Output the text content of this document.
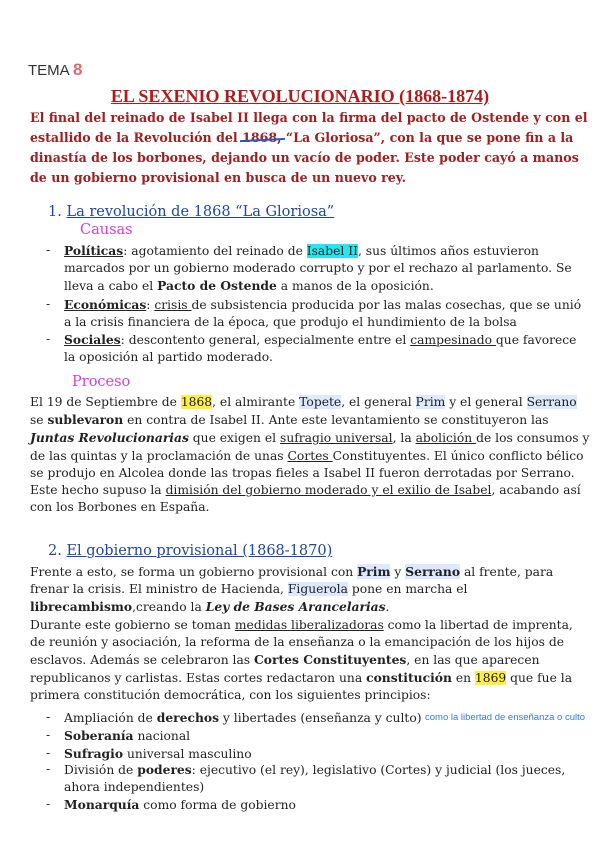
TEMA 8
EL SEXENIO REVOLUCIONARIO (1868-1874)
El final del reinado de Isabel II llega con la firma del pacto de Ostende y con el estallido de la Revolución del 1868, “La Gloriosa”, con la que se pone fin a la dinastía de los borbones, dejando un vacío de poder. Este poder cayó a manos de un gobierno provisional en busca de un nuevo rey.
1. La revolución de 1868 “La Gloriosa”
Causas
- Políticas: agotamiento del reinado de Isabel II, sus últimos años estuvieron marcados por un gobierno moderado corrupto y por el rechazo al parlamento. Se lleva a cabo el Pacto de Ostende a manos de la oposición.
- Económicas: crisis de subsistencia producida por las malas cosechas, que se unió a la crisis financiera de la época, que produjo el hundimiento de la bolsa
- Sociales: descontento general, especialmente entre el campesinado que favorece la oposición al partido moderado.
Proceso
El 19 de Septiembre de 1868, el almirante Topete, el general Prim y el general Serrano se sublevaron en contra de Isabel II. Ante este levantamiento se constituyeron las Juntas Revolucionarias que exigen el sufragio universal, la abolición de los consumos y de las quintas y la proclamación de unas Cortes Constituyentes. El único conflicto bélico se produjo en Alcolea donde las tropas fieles a Isabel II fueron derrotadas por Serrano. Este hecho supuso la dimisión del gobierno moderado y el exilio de Isabel, acabando así con los Borbones en España.
2. El gobierno provisional (1868-1870)
Frente a esto, se forma un gobierno provisional con Prim y Serrano al frente, para frenar la crisis. El ministro de Hacienda, Figuerola pone en marcha el librecambismo,creando la Ley de Bases Arancelarias.
Durante este gobierno se toman medidas liberalizadoras como la libertad de imprenta, de reunión y asociación, la reforma de la enseñanza o la emancipación de los hijos de esclavos. Además se celebraron las Cortes Constituyentes, en las que aparecen republicanos y carlistas. Estas cortes redactaron una constitución en 1869 que fue la primera constitución democrática, con los siguientes principios:
- Ampliación de derechos y libertades (enseñanza y culto)
- Soberanía nacional
- Sufragio universal masculino
- División de poderes: ejecutivo (el rey), legislativo (Cortes) y judicial (los jueces, ahora independientes)
- Monarquía como forma de gobierno
como la libertad de enseñanza o culto
